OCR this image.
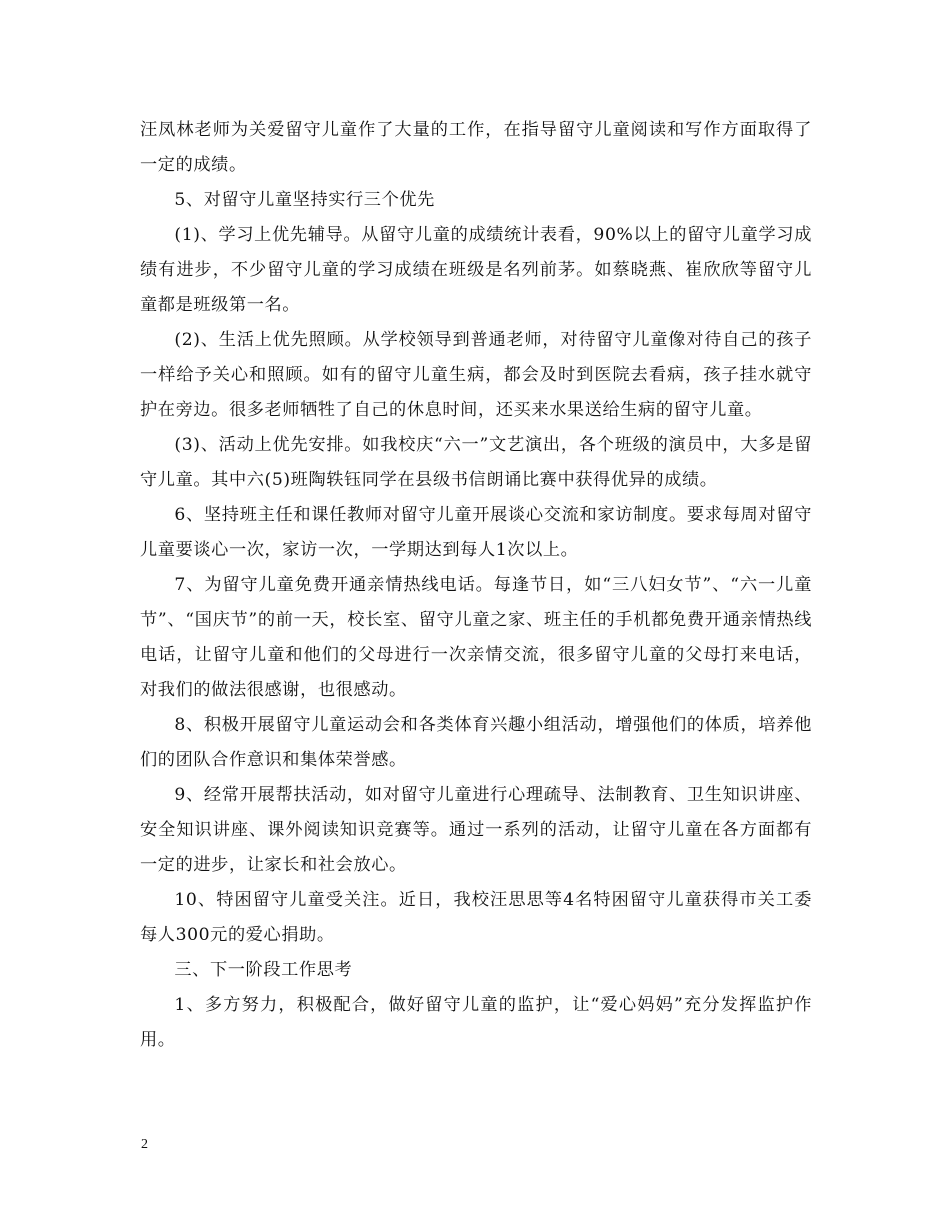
汪凤林老师为关爱留守儿童作了大量的工作，在指导留守儿童阅读和写作方面取得了一定的成绩。

5、对留守儿童坚持实行三个优先

(1)、学习上优先辅导。从留守儿童的成绩统计表看，90%以上的留守儿童学习成绩有进步，不少留守儿童的学习成绩在班级是名列前茅。如蔡晓燕、崔欣欣等留守儿童都是班级第一名。

(2)、生活上优先照顾。从学校领导到普通老师，对待留守儿童像对待自己的孩子一样给予关心和照顾。如有的留守儿童生病，都会及时到医院去看病，孩子挂水就守护在旁边。很多老师牺牲了自己的休息时间，还买来水果送给生病的留守儿童。

(3)、活动上优先安排。如我校庆“六一”文艺演出，各个班级的演员中，大多是留守儿童。其中六(5)班陶轶钰同学在县级书信朗诵比赛中获得优异的成绩。

6、坚持班主任和课任教师对留守儿童开展谈心交流和家访制度。要求每周对留守儿童要谈心一次，家访一次，一学期达到每人1次以上。

7、为留守儿童免费开通亲情热线电话。每逢节日，如“三八妇女节”、“六一儿童节”、“国庆节”的前一天，校长室、留守儿童之家、班主任的手机都免费开通亲情热线电话，让留守儿童和他们的父母进行一次亲情交流，很多留守儿童的父母打来电话，对我们的做法很感谢，也很感动。

8、积极开展留守儿童运动会和各类体育兴趣小组活动，增强他们的体质，培养他们的团队合作意识和集体荣誉感。

9、经常开展帮扶活动，如对留守儿童进行心理疏导、法制教育、卫生知识讲座、安全知识讲座、课外阅读知识竞赛等。通过一系列的活动，让留守儿童在各方面都有一定的进步，让家长和社会放心。

10、特困留守儿童受关注。近日，我校汪思思等4名特困留守儿童获得市关工委每人300元的爱心捐助。

三、下一阶段工作思考

1、多方努力，积极配合，做好留守儿童的监护，让“爱心妈妈”充分发挥监护作用。

2
